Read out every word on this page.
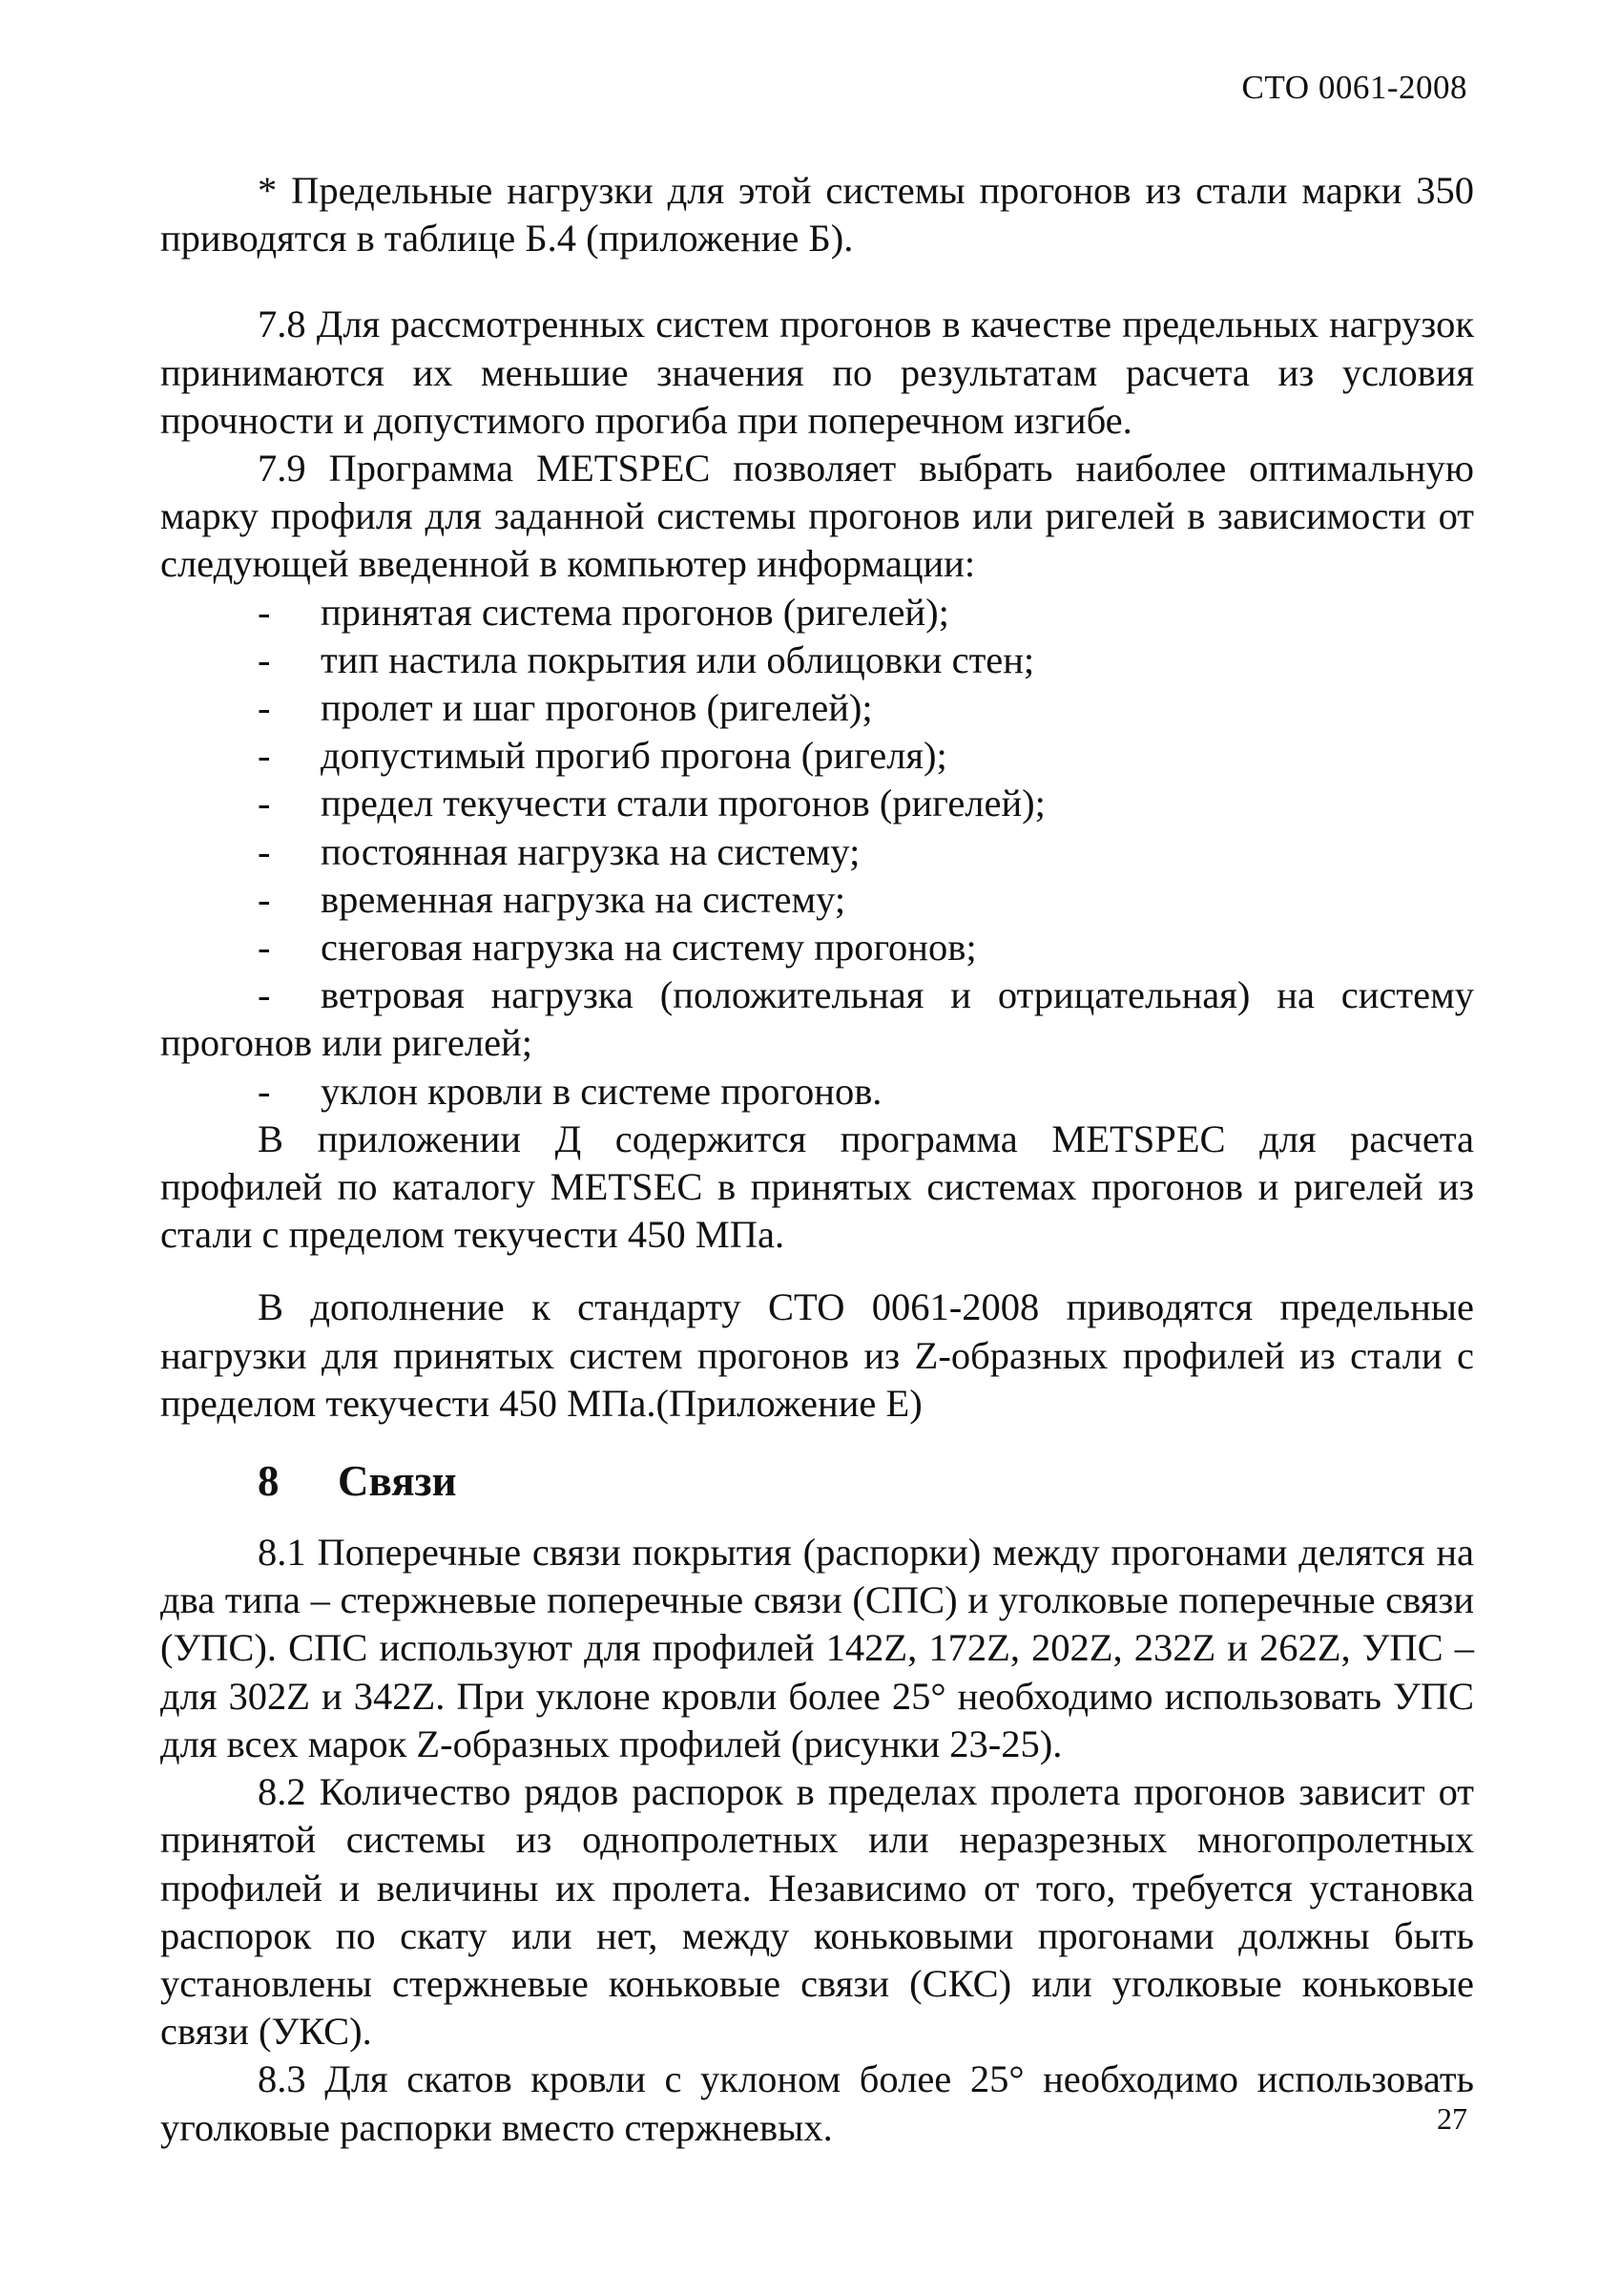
СТО 0061-2008

* Предельные нагрузки для этой системы прогонов из стали марки 350 приводятся в таблице Б.4 (приложение Б).

7.8 Для рассмотренных систем прогонов в качестве предельных нагрузок принимаются их меньшие значения по результатам расчета из условия прочности и допустимого прогиба при поперечном изгибе.

7.9 Программа METSPEC позволяет выбрать наиболее оптимальную марку профиля для заданной системы прогонов или ригелей в зависимости от следующей введенной в компьютер информации:

-	принятая система прогонов (ригелей);

-	тип настила покрытия или облицовки стен;

-	пролет и шаг прогонов (ригелей);

-	допустимый прогиб прогона (ригеля);

-	предел текучести стали прогонов (ригелей);

-	постоянная нагрузка на систему;

-	временная нагрузка на систему;

-	снеговая нагрузка на систему прогонов;

-	ветровая нагрузка (положительная и отрицательная) на систему прогонов или ригелей;

-	уклон кровли в системе прогонов.

В приложении Д содержится программа METSPEC для расчета профилей по каталогу METSEC в принятых системах прогонов и ригелей из стали с пределом текучести 450 МПа.

В дополнение к стандарту СТО 0061-2008 приводятся предельные нагрузки для принятых систем прогонов из Z-образных профилей из стали с пределом текучести 450 МПа.(Приложение Е)

8 Связи

8.1 Поперечные связи покрытия (распорки) между прогонами делятся на два типа – стержневые поперечные связи (СПС) и уголковые поперечные связи (УПС). СПС используют для профилей 142Z, 172Z, 202Z, 232Z и 262Z, УПС – для 302Z и 342Z. При уклоне кровли более 25° необходимо использовать УПС для всех марок Z-образных профилей (рисунки 23-25).

8.2 Количество рядов распорок в пределах пролета прогонов зависит от принятой системы из однопролетных или неразрезных многопролетных профилей и величины их пролета. Независимо от того, требуется установка распорок по скату или нет, между коньковыми прогонами должны быть установлены стержневые коньковые связи (СКС) или уголковые коньковые связи (УКС).

8.3 Для скатов кровли с уклоном более 25° необходимо использовать уголковые распорки вместо стержневых.	27
